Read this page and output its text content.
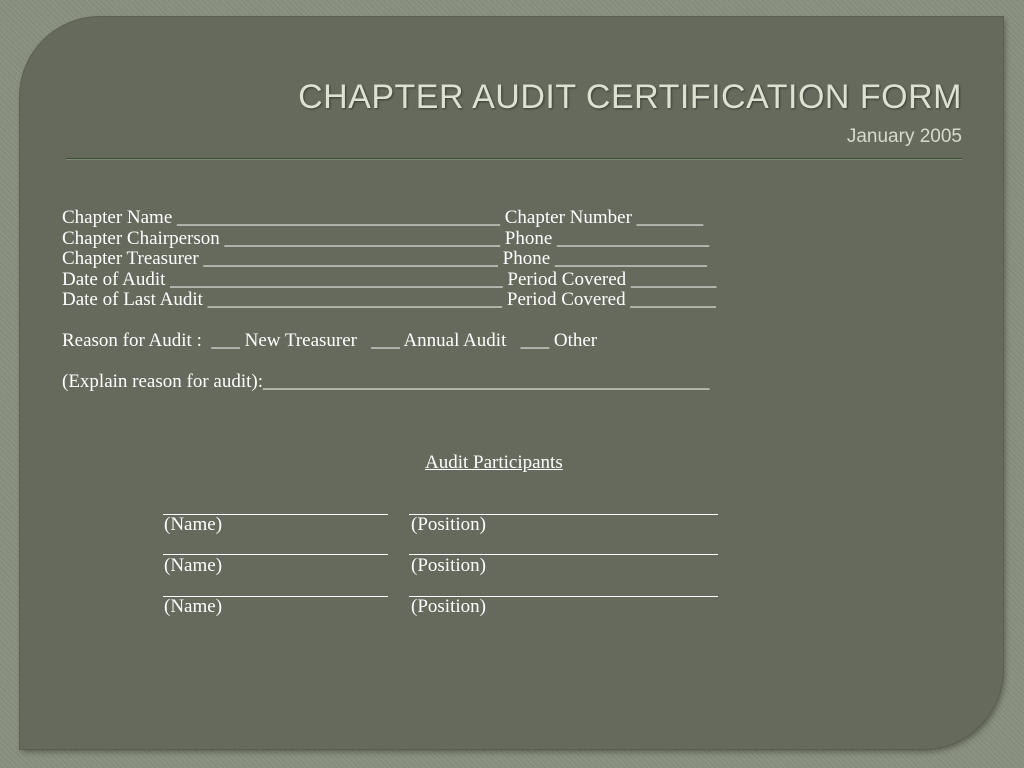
CHAPTER AUDIT CERTIFICATION FORM
January 2005
Chapter Name __________________________________ Chapter Number _______
Chapter Chairperson _____________________________ Phone ________________
Chapter Treasurer _______________________________ Phone ________________
Date of Audit ___________________________________ Period Covered _________
Date of Last Audit _______________________________ Period Covered _________
Reason for Audit :  ___ New Treasurer   ___ Annual Audit   ___ Other
(Explain reason for audit):_______________________________________________
Audit Participants
(Name)	(Position)
(Name)	(Position)
(Name)	(Position)
